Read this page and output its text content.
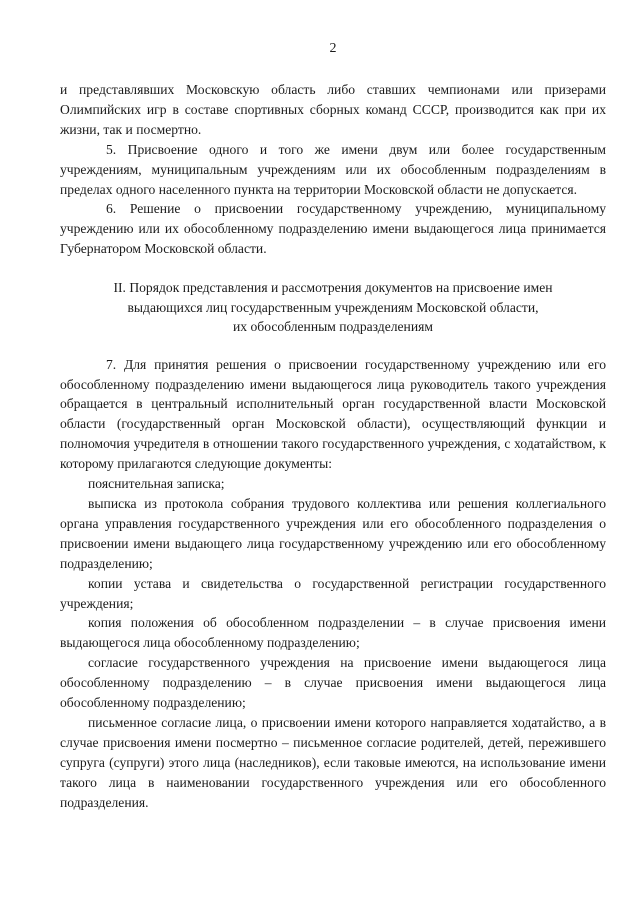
2

и представлявших Московскую область либо ставших чемпионами или призерами Олимпийских игр в составе спортивных сборных команд СССР, производится как при их жизни, так и посмертно.

5. Присвоение одного и того же имени двум или более государственным учреждениям, муниципальным учреждениям или их обособленным подразделениям в пределах одного населенного пункта на территории Московской области не допускается.

6. Решение о присвоении государственному учреждению, муниципальному учреждению или их обособленному подразделению имени выдающегося лица принимается Губернатором Московской области.

II. Порядок представления и рассмотрения документов на присвоение имен
выдающихся лиц государственным учреждениям Московской области,
их обособленным подразделениям

7. Для принятия решения о присвоении государственному учреждению или его обособленному подразделению имени выдающегося лица руководитель такого учреждения обращается в центральный исполнительный орган государственной власти Московской области (государственный орган Московской области), осуществляющий функции и полномочия учредителя в отношении такого государственного учреждения, с ходатайством, к которому прилагаются следующие документы:

пояснительная записка;

выписка из протокола собрания трудового коллектива или решения коллегиального органа управления государственного учреждения или его обособленного подразделения о присвоении имени выдающего лица государственному учреждению или его обособленному подразделению;

копии устава и свидетельства о государственной регистрации государственного учреждения;

копия положения об обособленном подразделении – в случае присвоения имени выдающегося лица обособленному подразделению;

согласие государственного учреждения на присвоение имени выдающегося лица обособленному подразделению – в случае присвоения имени выдающегося лица обособленному подразделению;

письменное согласие лица, о присвоении имени которого направляется ходатайство, а в случае присвоения имени посмертно – письменное согласие родителей, детей, пережившего супруга (супруги) этого лица (наследников), если таковые имеются, на использование имени такого лица в наименовании государственного учреждения или его обособленного подразделения.
